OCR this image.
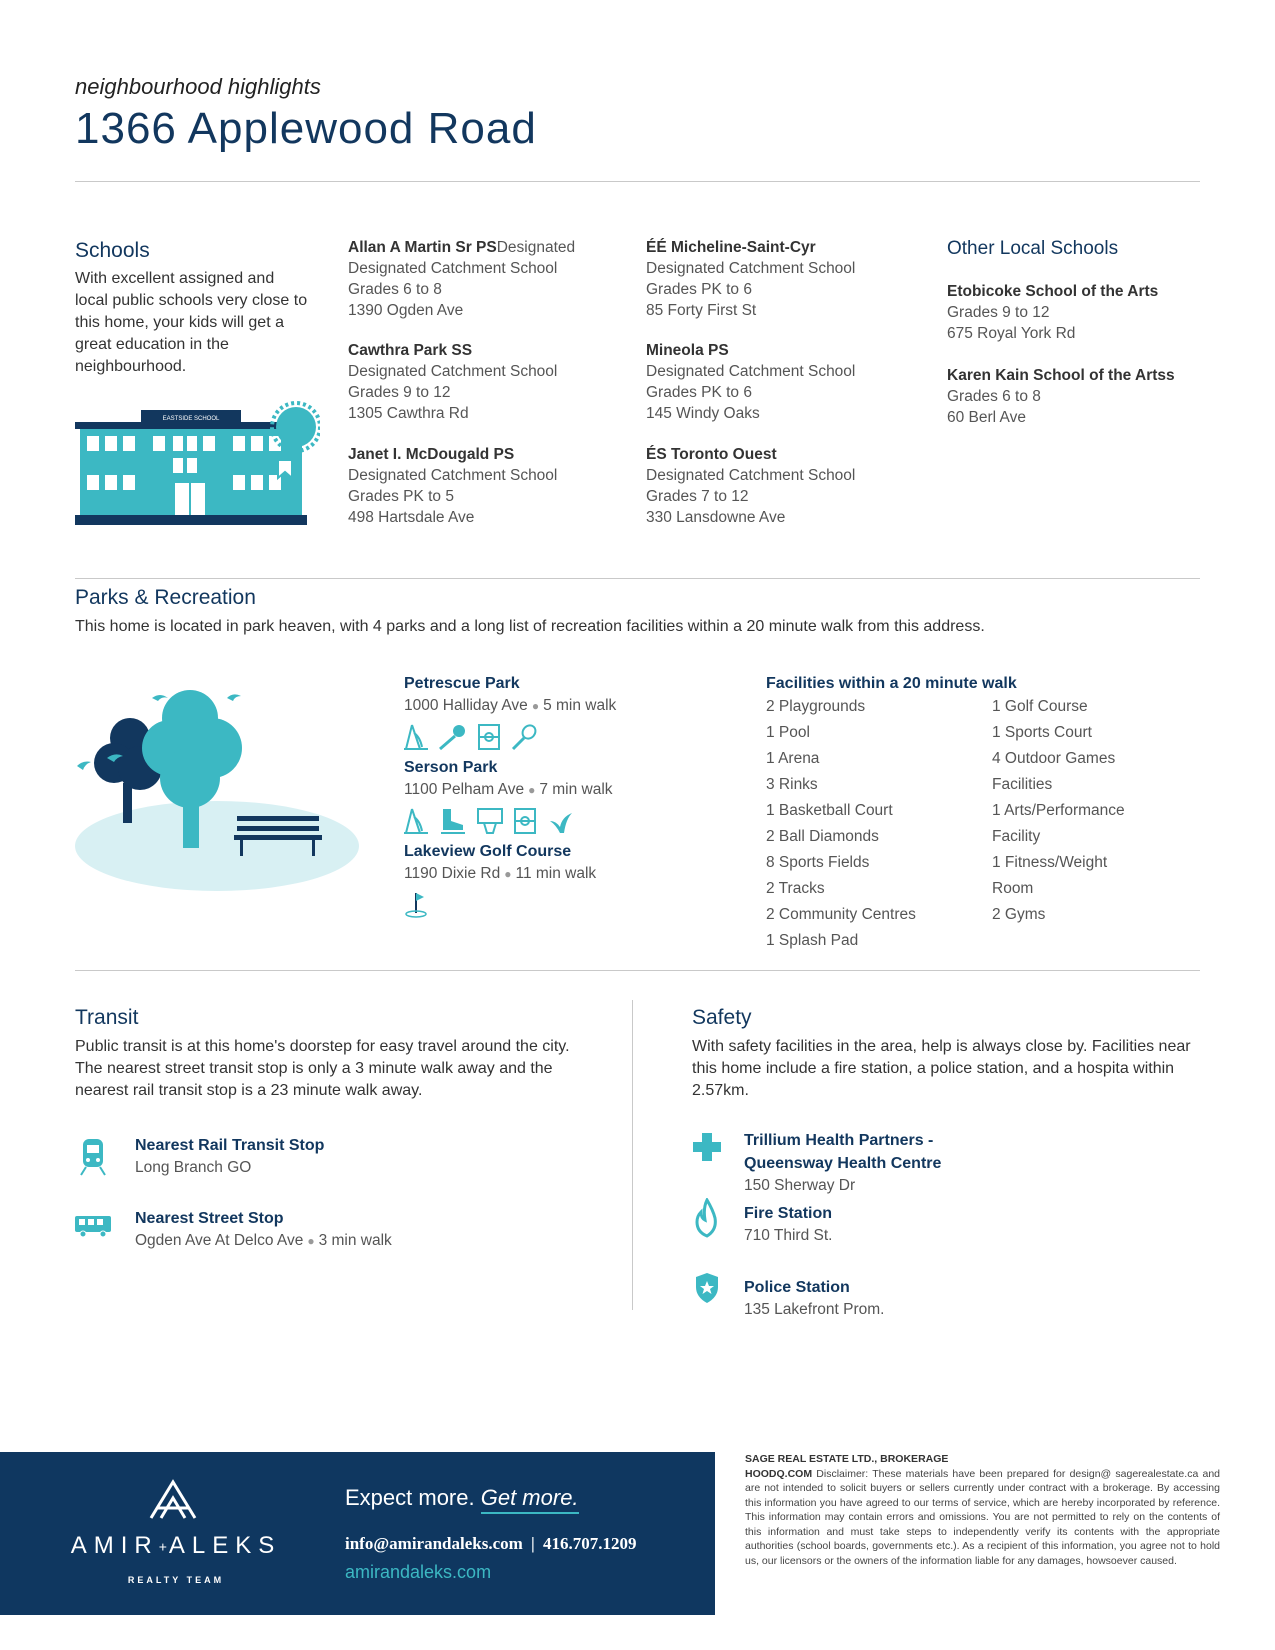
neighbourhood highlights
1366 Applewood Road
Schools
With excellent assigned and local public schools very close to this home, your kids will get a great education in the neighbourhood.
EASTSIDE SCHOOL
Allan A Martin Sr PSDesignated
Designated Catchment School
Grades 6 to 8
1390 Ogden Ave
Cawthra Park SS
Designated Catchment School
Grades 9 to 12
1305 Cawthra Rd
Janet I. McDougald PS
Designated Catchment School
Grades PK to 5
498 Hartsdale Ave
ÉÉ Micheline-Saint-Cyr
Designated Catchment School
Grades PK to 6
85 Forty First St
Mineola PS
Designated Catchment School
Grades PK to 6
145 Windy Oaks
ÉS Toronto Ouest
Designated Catchment School
Grades 7 to 12
330 Lansdowne Ave
Other Local Schools
Etobicoke School of the Arts
Grades 9 to 12
675 Royal York Rd
Karen Kain School of the Artss
Grades 6 to 8
60 Berl Ave
Parks & Recreation
This home is located in park heaven, with 4 parks and a long list of recreation facilities within a 20 minute walk from this address.
Petrescue Park
1000 Halliday Ave ● 5 min walk
Serson Park
1100 Pelham Ave ● 7 min walk
Lakeview Golf Course
1190 Dixie Rd ● 11 min walk
Facilities within a 20 minute walk
2 Playgrounds
1 Pool
1 Arena
3 Rinks
1 Basketball Court
2 Ball Diamonds
8 Sports Fields
2 Tracks
2 Community Centres
1 Splash Pad
1 Golf Course
1 Sports Court
4 Outdoor Games
Facilities
1 Arts/Performance
Facility
1 Fitness/Weight
Room
2 Gyms
Transit
Public transit is at this home's doorstep for easy travel around the city. The nearest street transit stop is only a 3 minute walk away and the nearest rail transit stop is a 23 minute walk away.
Nearest Rail Transit Stop
Long Branch GO
Nearest Street Stop
Ogden Ave At Delco Ave ● 3 min walk
Safety
With safety facilities in the area, help is always close by. Facilities near this home include a fire station, a police station, and a hospita within 2.57km.
Trillium Health Partners -
Queensway Health Centre
150 Sherway Dr
Fire Station
710 Third St.
Police Station
135 Lakefront Prom.
AMIR+ALEKS
REALTY TEAM
Expect more. Get more.
info@amirandaleks.com | 416.707.1209
amirandaleks.com
SAGE REAL ESTATE LTD., BROKERAGE
HOODQ.COM Disclaimer: These materials have been prepared for design@ sagerealestate.ca and are not intended to solicit buyers or sellers currently under contract with a brokerage. By accessing this information you have agreed to our terms of service, which are hereby incorporated by reference. This information may contain errors and omissions. You are not permitted to rely on the contents of this information and must take steps to independently verify its contents with the appropriate authorities (school boards, governments etc.). As a recipient of this information, you agree not to hold us, our licensors or the owners of the information liable for any damages, howsoever caused.
